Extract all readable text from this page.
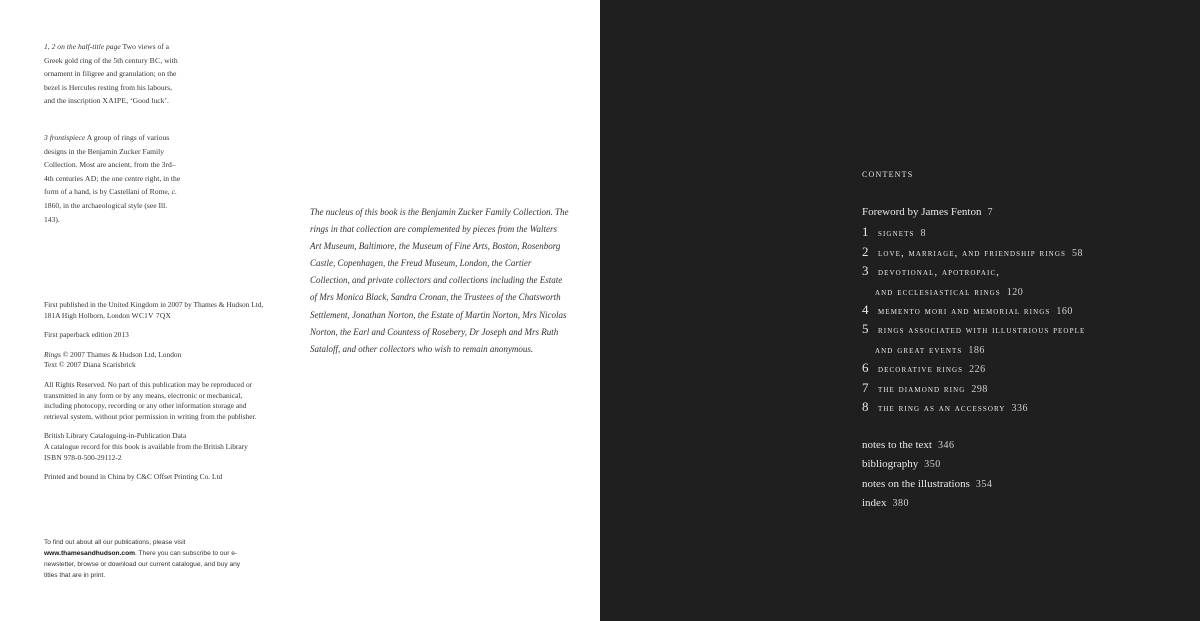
1, 2 on the half-title page Two views of a Greek gold ring of the 5th century BC, with ornament in filigree and granulation; on the bezel is Hercules resting from his labours, and the inscription ΧΑΙΡΕ, ‘Good luck’.

3 frontispiece A group of rings of various designs in the Benjamin Zucker Family Collection. Most are ancient, from the 3rd–4th centuries AD; the one centre right, in the form of a hand, is by Castellani of Rome, c. 1860, in the archaeological style (see Ill. 143).

First published in the United Kingdom in 2007 by Thames & Hudson Ltd, 181A High Holborn, London WC1V 7QX

First paperback edition 2013

Rings © 2007 Thames & Hudson Ltd, London
Text © 2007 Diana Scarisbrick

All Rights Reserved. No part of this publication may be reproduced or transmitted in any form or by any means, electronic or mechanical, including photocopy, recording or any other information storage and retrieval system, without prior permission in writing from the publisher.

British Library Cataloguing-in-Publication Data
A catalogue record for this book is available from the British Library
ISBN 978-0-500-29112-2

Printed and bound in China by C&C Offset Printing Co. Ltd

To find out about all our publications, please visit www.thamesandhudson.com. There you can subscribe to our e-newsletter, browse or download our current catalogue, and buy any titles that are in print.
The nucleus of this book is the Benjamin Zucker Family Collection. The rings in that collection are complemented by pieces from the Walters Art Museum, Baltimore, the Museum of Fine Arts, Boston, Rosenborg Castle, Copenhagen, the Freud Museum, London, the Cartier Collection, and private collectors and collections including the Estate of Mrs Monica Black, Sandra Cronan, the Trustees of the Chatsworth Settlement, Jonathan Norton, the Estate of Martin Norton, Mrs Nicolas Norton, the Earl and Countess of Rosebery, Dr Joseph and Mrs Ruth Sataloff, and other collectors who wish to remain anonymous.
contents
Foreword by James Fenton 7
1 signets 8
2 love, marriage, and friendship rings 58
3 devotional, apotropaic,
and ecclesiastical rings 120
4 memento mori and memorial rings 160
5 rings associated with illustrious people
and great events 186
6 decorative rings 226
7 the diamond ring 298
8 the ring as an accessory 336
notes to the text 346
bibliography 350
notes on the illustrations 354
index 380
